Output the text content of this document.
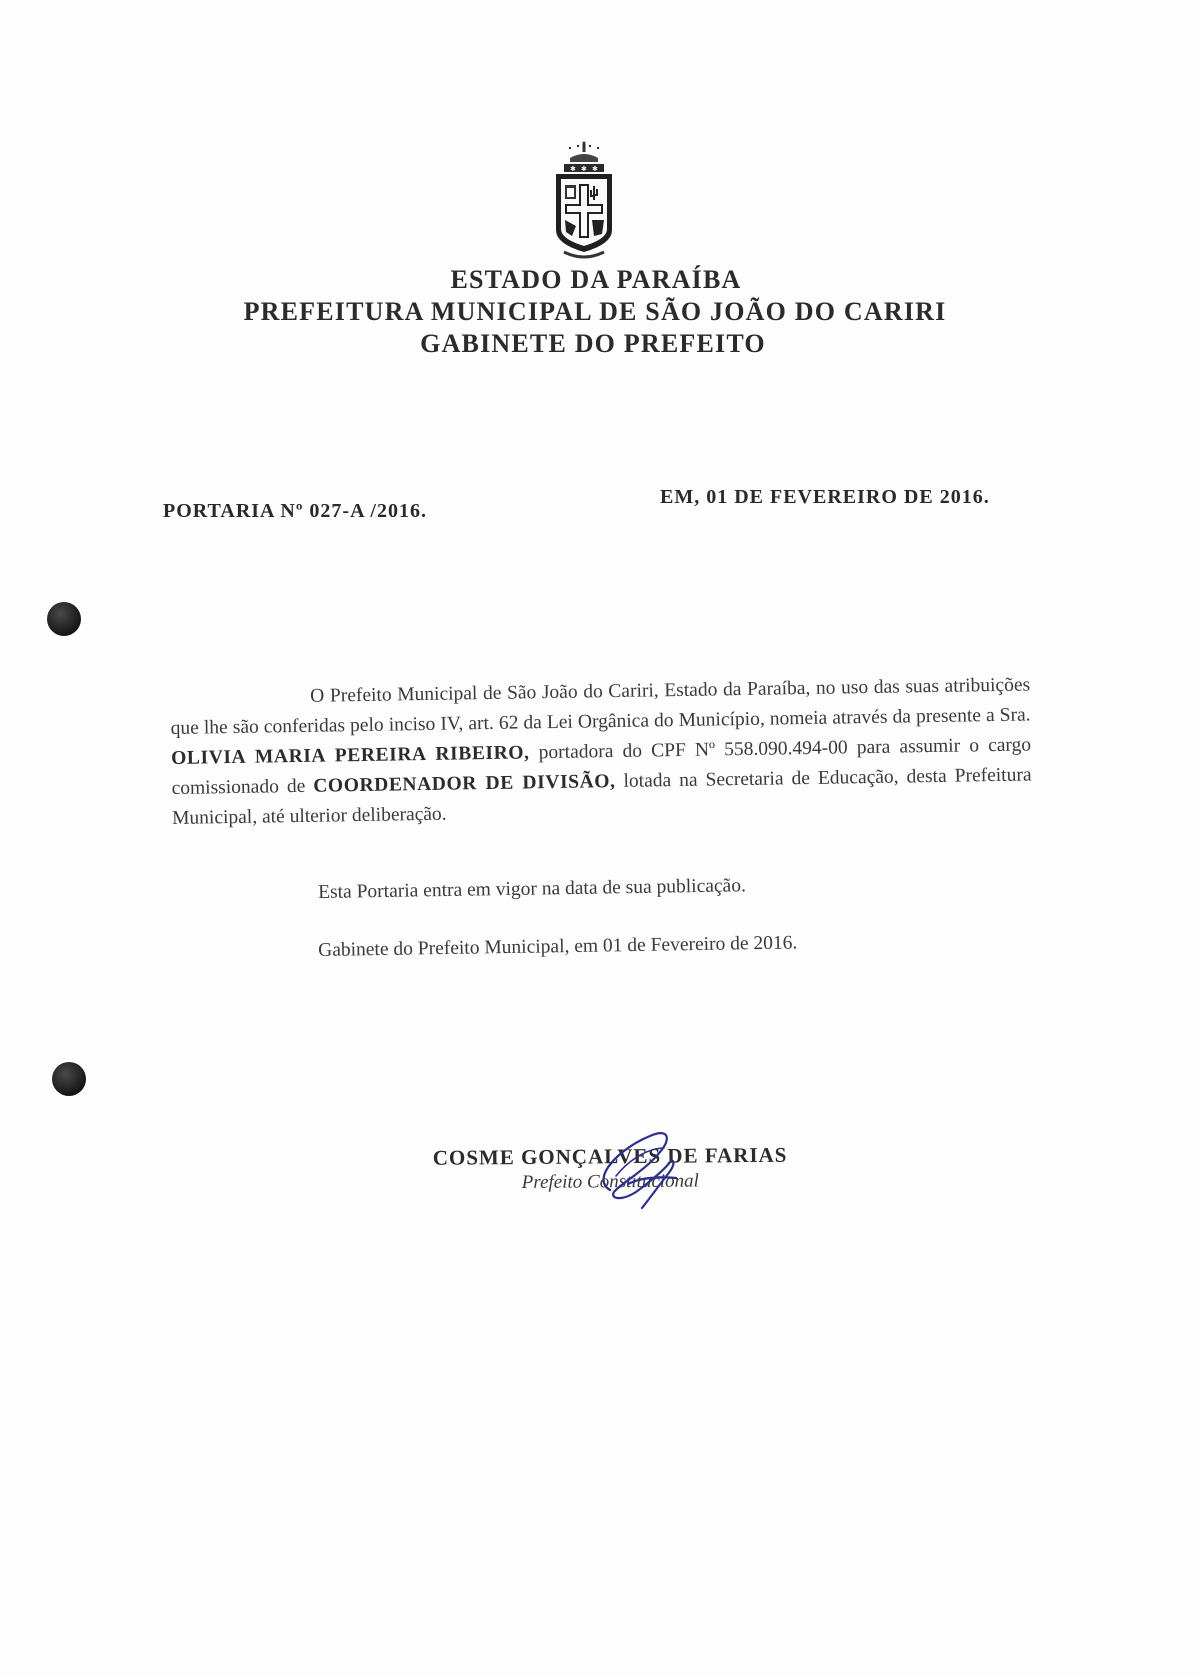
✱ ✱ ✱
ESTADO DA PARAÍBA
PREFEITURA MUNICIPAL DE SÃO JOÃO DO CARIRI
GABINETE DO PREFEITO
PORTARIA Nº 027-A /2016.
EM, 01 DE FEVEREIRO DE 2016.

O Prefeito Municipal de São João do Cariri, Estado da Paraíba, no uso das suas atribuições que lhe são conferidas pelo inciso IV, art. 62 da Lei Orgânica do Município, nomeia através da presente a Sra. OLIVIA MARIA PEREIRA RIBEIRO, portadora do CPF Nº 558.090.494-00 para assumir o cargo comissionado de COORDENADOR DE DIVISÃO, lotada na Secretaria de Educação, desta Prefeitura Municipal, até ulterior deliberação.

Esta Portaria entra em vigor na data de sua publicação.
Gabinete do Prefeito Municipal, em 01 de Fevereiro de 2016.
COSME GONÇALVES DE FARIAS
Prefeito Constitucional
